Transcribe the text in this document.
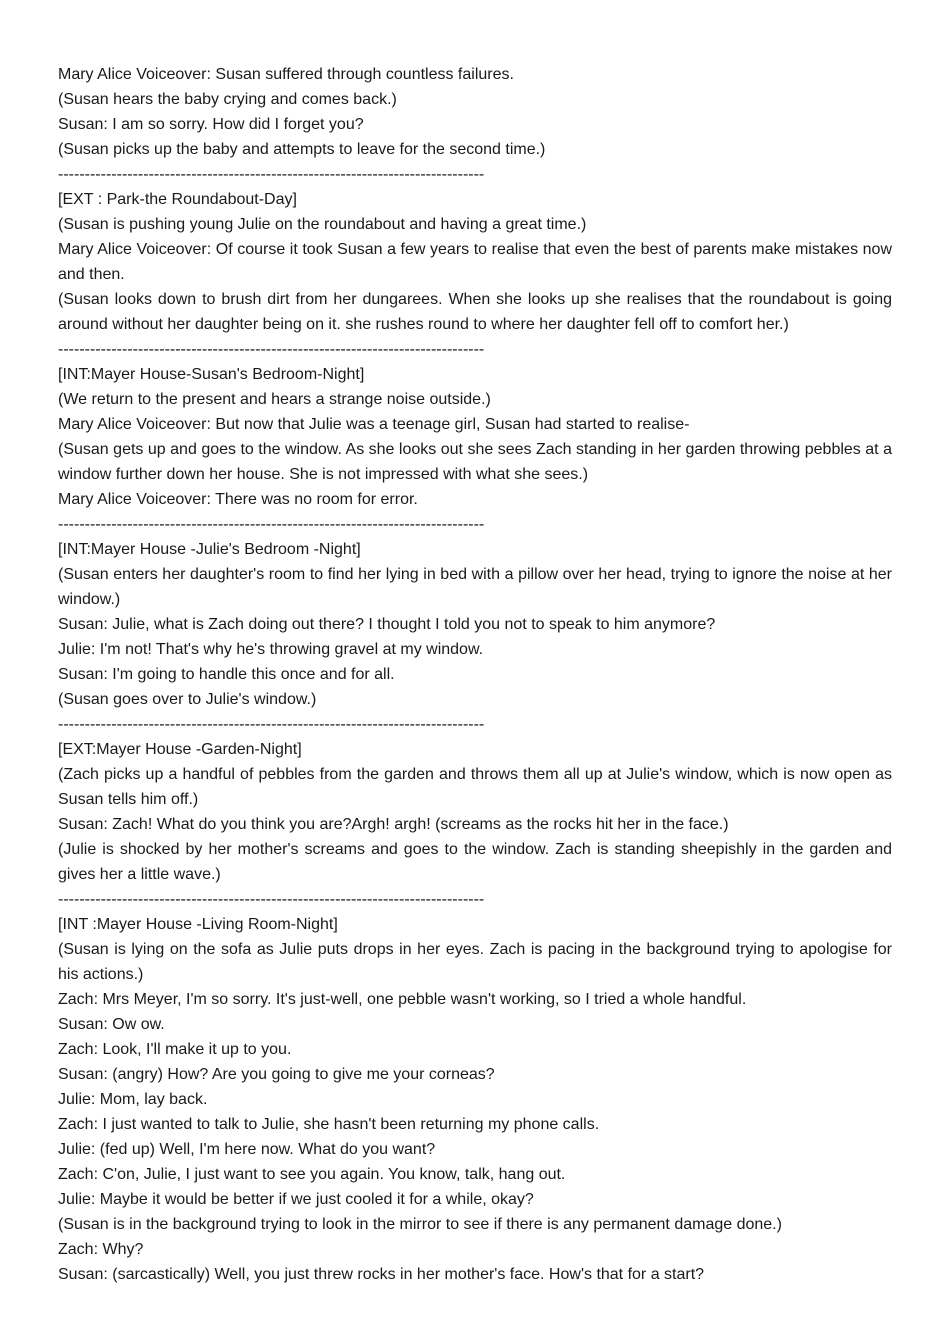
Mary Alice Voiceover: Susan suffered through countless failures.

(Susan hears the baby crying and comes back.)

Susan: I am so sorry. How did I forget you?

(Susan picks up the baby and attempts to leave for the second time.)

--------------------------------------------------------------------------------

[EXT : Park-the Roundabout-Day]

(Susan is pushing young Julie on the roundabout and having a great time.)

Mary Alice Voiceover: Of course it took Susan a few years to realise that even the best of parents make mistakes now and then.

(Susan looks down to brush dirt from her dungarees. When she looks up she realises that the roundabout is going around without her daughter being on it. she rushes round to where her daughter fell off to comfort her.)

--------------------------------------------------------------------------------

[INT:Mayer House-Susan's Bedroom-Night]

(We return to the present and hears a strange noise outside.)

Mary Alice Voiceover: But now that Julie was a teenage girl, Susan had started to realise-

(Susan gets up and goes to the window. As she looks out she sees Zach standing in her garden throwing pebbles at a window further down her house. She is not impressed with what she sees.)

Mary Alice Voiceover: There was no room for error.

--------------------------------------------------------------------------------

[INT:Mayer House -Julie's Bedroom -Night]

(Susan enters her daughter's room to find her lying in bed with a pillow over her head, trying to ignore the noise at her window.)

Susan: Julie, what is Zach doing out there? I thought I told you not to speak to him anymore?

Julie: I'm not! That's why he's throwing gravel at my window.

Susan: I'm going to handle this once and for all.

(Susan goes over to Julie's window.)

--------------------------------------------------------------------------------

[EXT:Mayer House -Garden-Night]

(Zach picks up a handful of pebbles from the garden and throws them all up at Julie's window, which is now open as Susan tells him off.)

Susan: Zach! What do you think you are?Argh! argh! (screams as the rocks hit her in the face.)

(Julie is shocked by her mother's screams and goes to the window. Zach is standing sheepishly in the garden and gives her a little wave.)

--------------------------------------------------------------------------------

[INT :Mayer House -Living Room-Night]

(Susan is lying on the sofa as Julie puts drops in her eyes. Zach is pacing in the background trying to apologise for his actions.)

Zach: Mrs Meyer, I'm so sorry. It's just-well, one pebble wasn't working, so I tried a whole handful.

Susan: Ow ow.

Zach: Look, I'll make it up to you.

Susan: (angry) How? Are you going to give me your corneas?

Julie: Mom, lay back.

Zach: I just wanted to talk to Julie, she hasn't been returning my phone calls.

Julie: (fed up) Well, I'm here now. What do you want?

Zach: C'on, Julie, I just want to see you again. You know, talk, hang out.

Julie: Maybe it would be better if we just cooled it for a while, okay?

(Susan is in the background trying to look in the mirror to see if there is any permanent damage done.)

Zach: Why?

Susan: (sarcastically) Well, you just threw rocks in her mother's face. How's that for a start?
